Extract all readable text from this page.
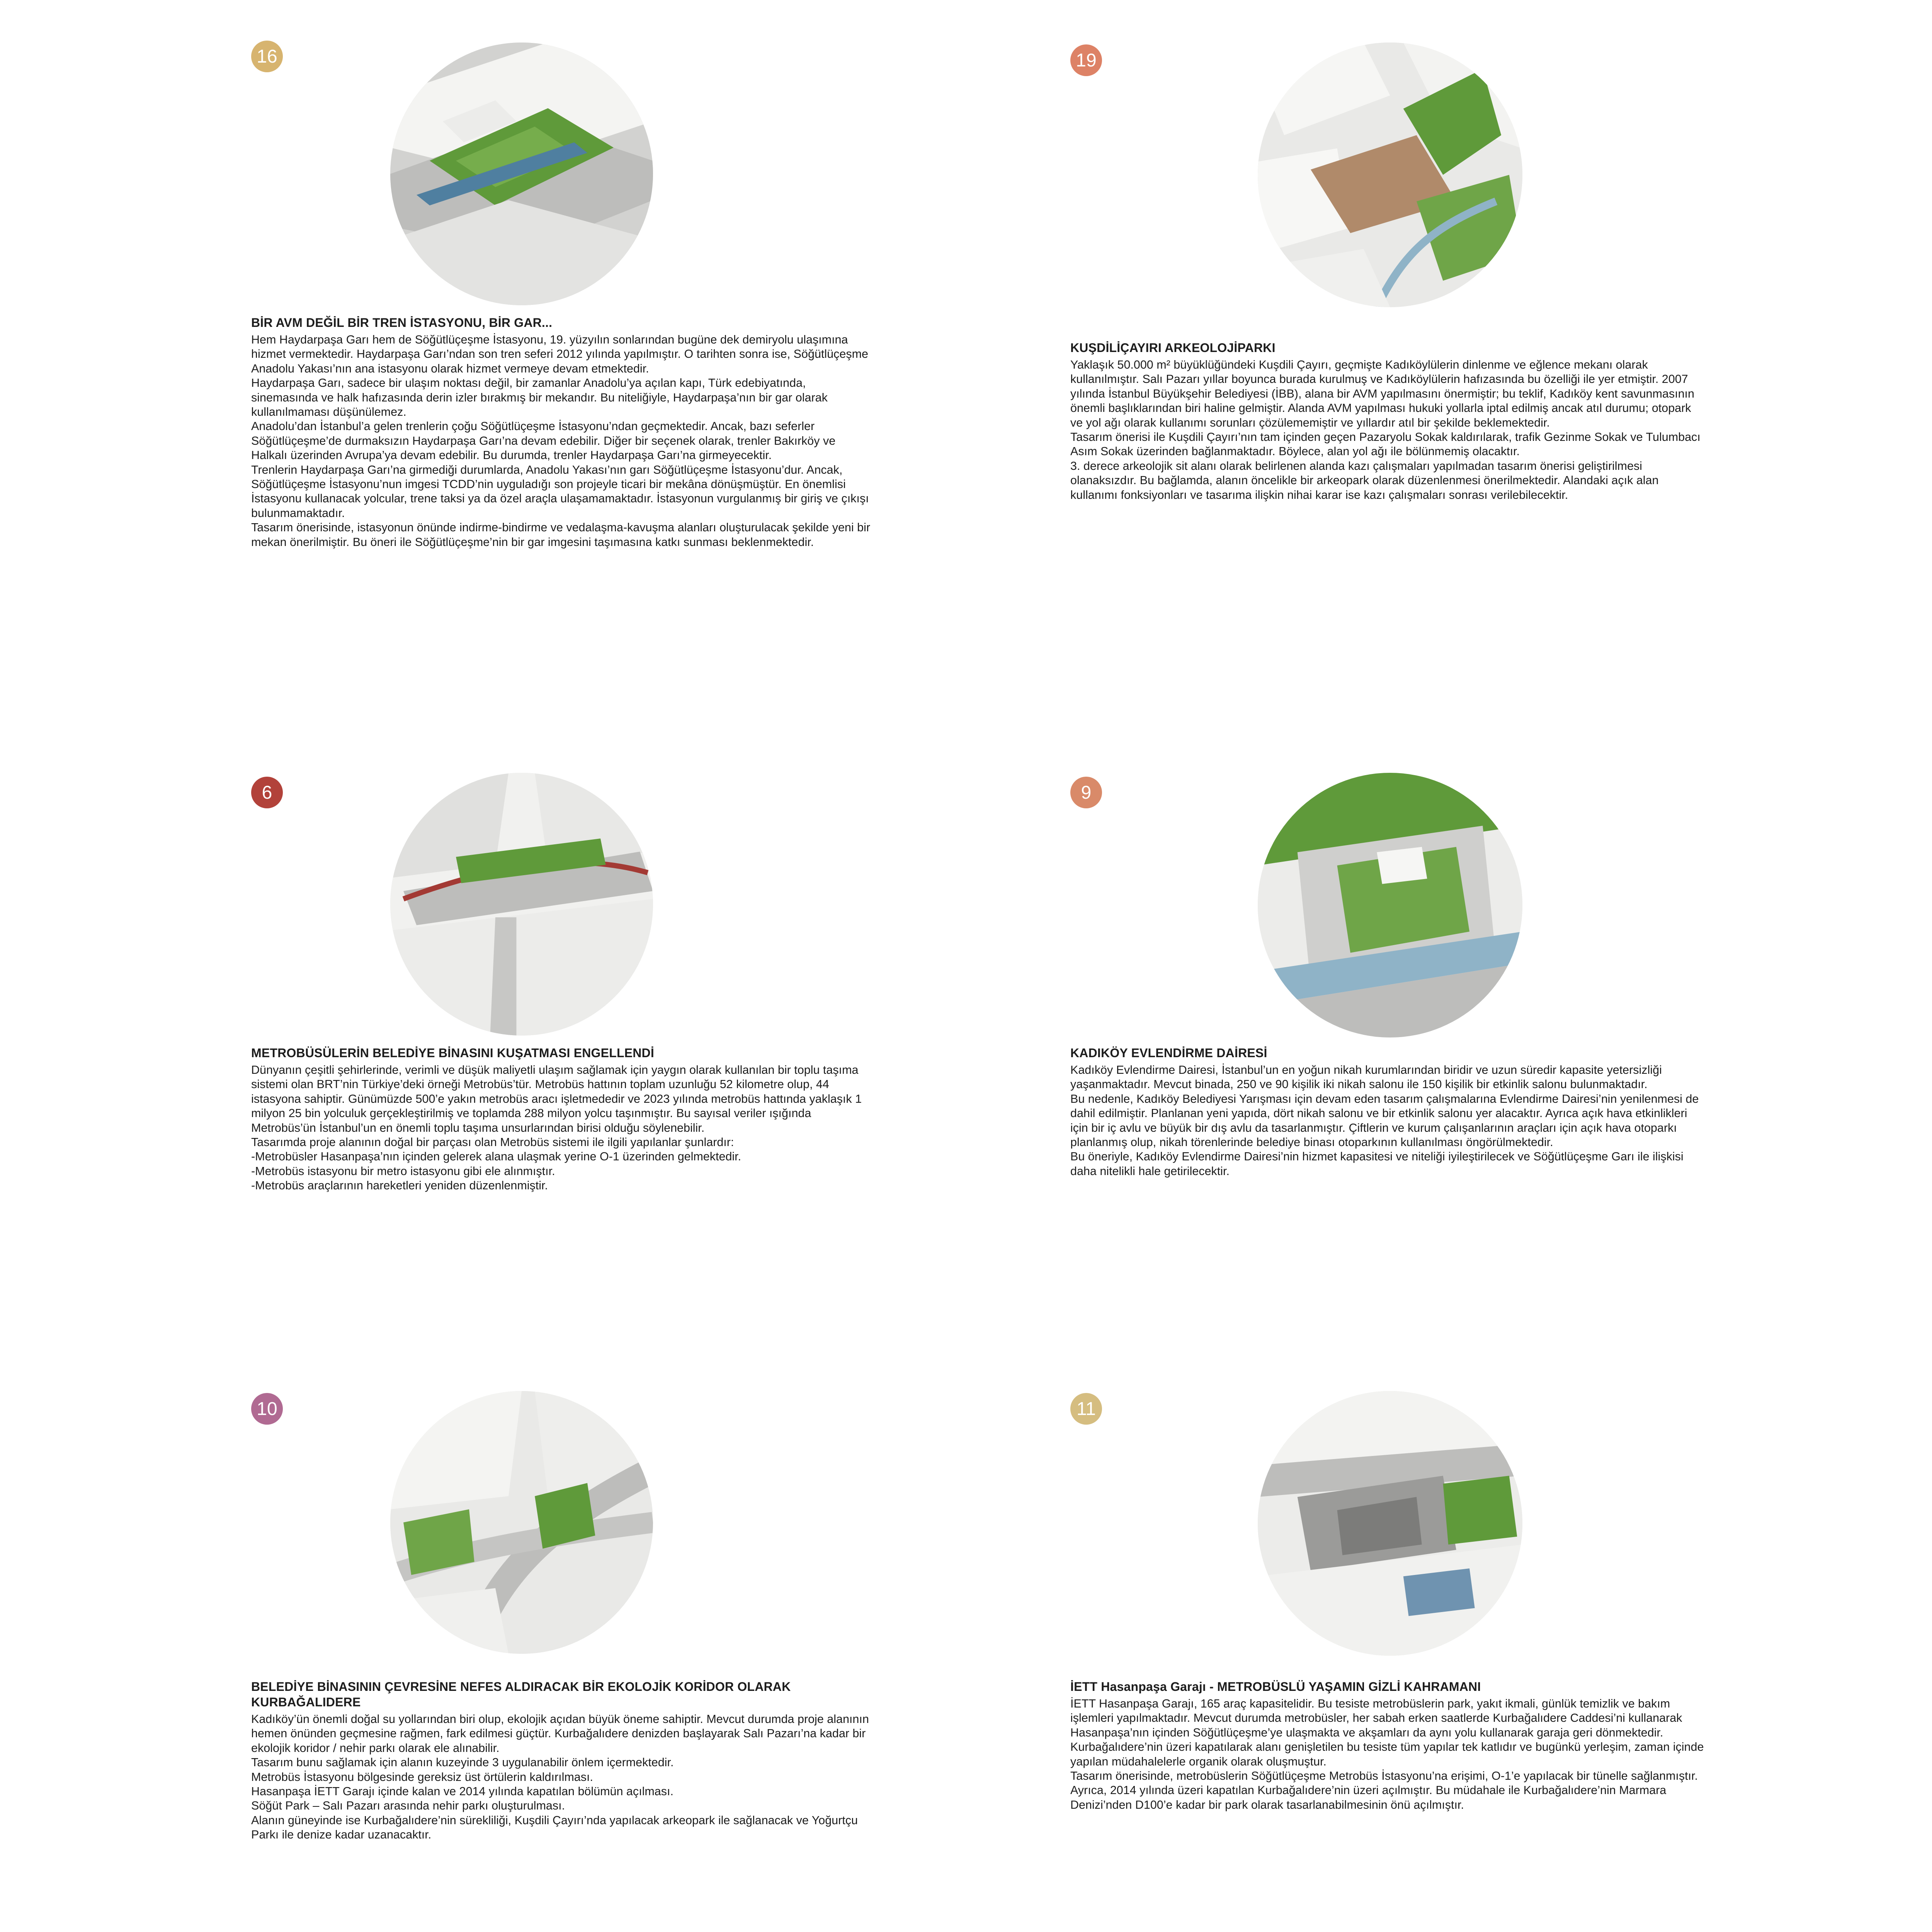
16
BİR AVM DEĞİL BİR TREN İSTASYONU, BİR GAR...

Hem Haydarpaşa Garı hem de Söğütlüçeşme İstasyonu, 19. yüzyılın sonlarından bugüne dek demiryolu ulaşımına hizmet vermektedir. Haydarpaşa Garı’ndan son tren seferi 2012 yılında yapılmıştır. O tarihten sonra ise, Söğütlüçeşme Anadolu Yakası’nın ana istasyonu olarak hizmet vermeye devam etmektedir.
Haydarpaşa Garı, sadece bir ulaşım noktası değil, bir zamanlar Anadolu’ya açılan kapı, Türk edebiyatında, sinemasında ve halk hafızasında derin izler bırakmış bir mekandır. Bu niteliğiyle, Haydarpaşa’nın bir gar olarak kullanılmaması düşünülemez.
Anadolu’dan İstanbul’a gelen trenlerin çoğu Söğütlüçeşme İstasyonu’ndan geçmektedir. Ancak, bazı seferler Söğütlüçeşme’de durmaksızın Haydarpaşa Garı’na devam edebilir. Diğer bir seçenek olarak, trenler Bakırköy ve Halkalı üzerinden Avrupa’ya devam edebilir. Bu durumda, trenler Haydarpaşa Garı’na girmeyecektir.
Trenlerin Haydarpaşa Garı’na girmediği durumlarda, Anadolu Yakası’nın garı Söğütlüçeşme İstasyonu’dur. Ancak, Söğütlüçeşme İstasyonu’nun imgesi TCDD’nin uyguladığı son projeyle ticari bir mekâna dönüşmüştür. En önemlisi İstasyonu kullanacak yolcular, trene taksi ya da özel araçla ulaşamamaktadır. İstasyonun vurgulanmış bir giriş ve çıkışı bulunmamaktadır.
Tasarım önerisinde, istasyonun önünde indirme-bindirme ve vedalaşma-kavuşma alanları oluşturulacak şekilde yeni bir mekan önerilmiştir. Bu öneri ile Söğütlüçeşme’nin bir gar imgesini taşımasına katkı sunması beklenmektedir.

19
KUŞDİLİÇAYIRI ARKEOLOJİPARKI

Yaklaşık 50.000 m² büyüklüğündeki Kuşdili Çayırı, geçmişte Kadıköylülerin dinlenme ve eğlence mekanı olarak kullanılmıştır. Salı Pazarı yıllar boyunca burada kurulmuş ve Kadıköylülerin hafızasında bu özelliği ile yer etmiştir. 2007 yılında İstanbul Büyükşehir Belediyesi (İBB), alana bir AVM yapılmasını önermiştir; bu teklif, Kadıköy kent savunmasının önemli başlıklarından biri haline gelmiştir. Alanda AVM yapılması hukuki yollarla iptal edilmiş ancak atıl durumu; otopark ve yol ağı olarak kullanımı sorunları çözülememiştir ve yıllardır atıl bir şekilde beklemektedir.
Tasarım önerisi ile Kuşdili Çayırı’nın tam içinden geçen Pazaryolu Sokak kaldırılarak, trafik Gezinme Sokak ve Tulumbacı Asım Sokak üzerinden bağlanmaktadır. Böylece, alan yol ağı ile bölünmemiş olacaktır.
3. derece arkeolojik sit alanı olarak belirlenen alanda kazı çalışmaları yapılmadan tasarım önerisi geliştirilmesi olanaksızdır. Bu bağlamda, alanın öncelikle bir arkeopark olarak düzenlenmesi önerilmektedir. Alandaki açık alan kullanımı fonksiyonları ve tasarıma ilişkin nihai karar ise kazı çalışmaları sonrası verilebilecektir.

6
METROBÜSÜLERİN BELEDİYE BİNASINI KUŞATMASI ENGELLENDİ

Dünyanın çeşitli şehirlerinde, verimli ve düşük maliyetli ulaşım sağlamak için yaygın olarak kullanılan bir toplu taşıma sistemi olan BRT’nin Türkiye’deki örneği Metrobüs’tür. Metrobüs hattının toplam uzunluğu 52 kilometre olup, 44 istasyona sahiptir. Günümüzde 500’e yakın metrobüs aracı işletmededir ve 2023 yılında metrobüs hattında yaklaşık 1 milyon 25 bin yolculuk gerçekleştirilmiş ve toplamda 288 milyon yolcu taşınmıştır. Bu sayısal veriler ışığında Metrobüs’ün İstanbul’un en önemli toplu taşıma unsurlarından birisi olduğu söylenebilir.
Tasarımda proje alanının doğal bir parçası olan Metrobüs sistemi ile ilgili yapılanlar şunlardır:
-Metrobüsler Hasanpaşa’nın içinden gelerek alana ulaşmak yerine O-1 üzerinden gelmektedir.
-Metrobüs istasyonu bir metro istasyonu gibi ele alınmıştır.
-Metrobüs araçlarının hareketleri yeniden düzenlenmiştir.

9
KADIKÖY EVLENDİRME DAİRESİ

Kadıköy Evlendirme Dairesi, İstanbul’un en yoğun nikah kurumlarından biridir ve uzun süredir kapasite yetersizliği yaşanmaktadır. Mevcut binada, 250 ve 90 kişilik iki nikah salonu ile 150 kişilik bir etkinlik salonu bulunmaktadır.
Bu nedenle, Kadıköy Belediyesi Yarışması için devam eden tasarım çalışmalarına Evlendirme Dairesi’nin yenilenmesi de dahil edilmiştir. Planlanan yeni yapıda, dört nikah salonu ve bir etkinlik salonu yer alacaktır. Ayrıca açık hava etkinlikleri için bir iç avlu ve büyük bir dış avlu da tasarlanmıştır. Çiftlerin ve kurum çalışanlarının araçları için açık hava otoparkı planlanmış olup, nikah törenlerinde belediye binası otoparkının kullanılması öngörülmektedir.
Bu öneriyle, Kadıköy Evlendirme Dairesi’nin hizmet kapasitesi ve niteliği iyileştirilecek ve Söğütlüçeşme Garı ile ilişkisi daha nitelikli hale getirilecektir.

10
BELEDİYE BİNASININ ÇEVRESİNE NEFES ALDIRACAK BİR EKOLOJİK KORİDOR OLARAK KURBAĞALIDERE

Kadıköy’ün önemli doğal su yollarından biri olup, ekolojik açıdan büyük öneme sahiptir. Mevcut durumda proje alanının hemen önünden geçmesine rağmen, fark edilmesi güçtür. Kurbağalıdere denizden başlayarak Salı Pazarı’na kadar bir ekolojik koridor / nehir parkı olarak ele alınabilir.
Tasarım bunu sağlamak için alanın kuzeyinde 3 uygulanabilir önlem içermektedir.
Metrobüs İstasyonu bölgesinde gereksiz üst örtülerin kaldırılması.
Hasanpaşa İETT Garajı içinde kalan ve 2014 yılında kapatılan bölümün açılması.
Söğüt Park – Salı Pazarı arasında nehir parkı oluşturulması.
Alanın güneyinde ise Kurbağalıdere’nin sürekliliği, Kuşdili Çayırı’nda yapılacak arkeopark ile sağlanacak ve Yoğurtçu Parkı ile denize kadar uzanacaktır.

11
İETT Hasanpaşa Garajı - METROBÜSLÜ YAŞAMIN GİZLİ KAHRAMANI

İETT Hasanpaşa Garajı, 165 araç kapasitelidir. Bu tesiste metrobüslerin park, yakıt ikmali, günlük temizlik ve bakım işlemleri yapılmaktadır. Mevcut durumda metrobüsler, her sabah erken saatlerde Kurbağalıdere Caddesi’ni kullanarak Hasanpaşa’nın içinden Söğütlüçeşme’ye ulaşmakta ve akşamları da aynı yolu kullanarak garaja geri dönmektedir.
Kurbağalıdere’nin üzeri kapatılarak alanı genişletilen bu tesiste tüm yapılar tek katlıdır ve bugünkü yerleşim, zaman içinde yapılan müdahalelerle organik olarak oluşmuştur.
Tasarım önerisinde, metrobüslerin Söğütlüçeşme Metrobüs İstasyonu’na erişimi, O-1’e yapılacak bir tünelle sağlanmıştır.
Ayrıca, 2014 yılında üzeri kapatılan Kurbağalıdere’nin üzeri açılmıştır. Bu müdahale ile Kurbağalıdere’nin Marmara Denizi’nden D100’e kadar bir park olarak tasarlanabilmesinin önü açılmıştır.
